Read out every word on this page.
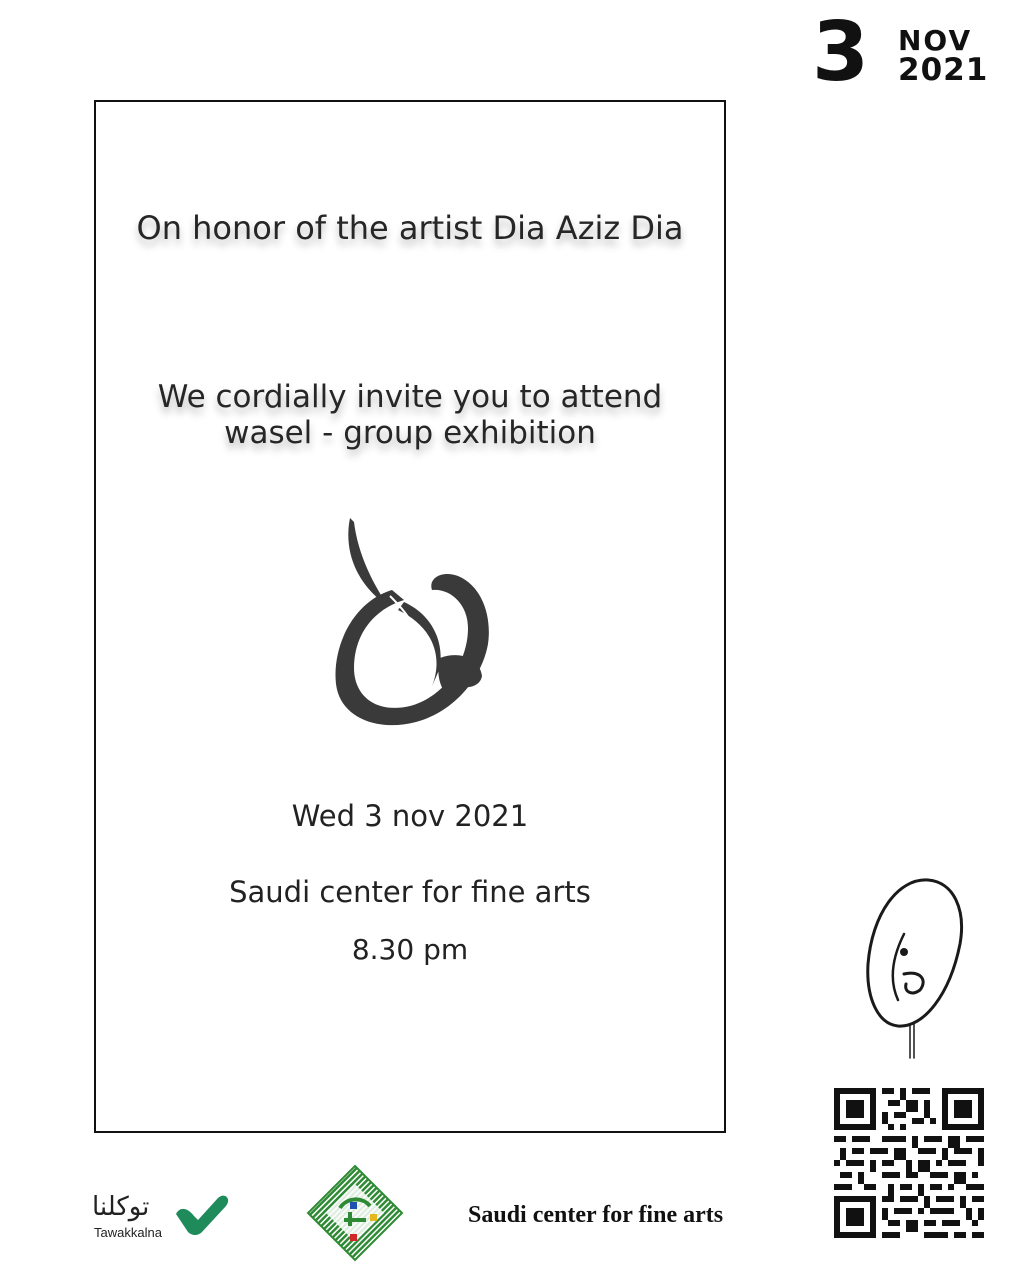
3 NOV
2021
On honor of the artist Dia Aziz Dia
We cordially invite you to attend wasel - group exhibition
Wed 3 nov 2021
Saudi center for fine arts
8.30 pm
توكلنا
Tawakkalna
Saudi center for fine arts
